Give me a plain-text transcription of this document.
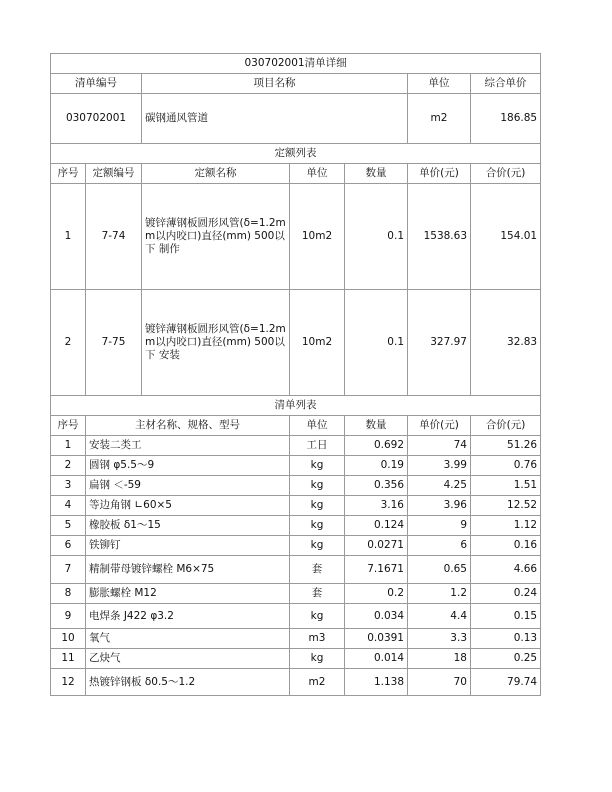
030702001清单详细						
清单编号		项目名称			单位	综合单价
030702001		碳钢通风管道			m2	186.85
定额列表						
序号	定额编号	定额名称	单位	数量	单价(元)	合价(元)
1	7-74	镀锌薄钢板圆形风管(δ=1.2mm以内咬口)直径(mm) 500以下 制作	10m2	0.1	1538.63	154.01
2	7-75	镀锌薄钢板圆形风管(δ=1.2mm以内咬口)直径(mm) 500以下 安装	10m2	0.1	327.97	32.83
清单列表						
序号	主材名称、规格、型号		单位	数量	单价(元)	合价(元)
1	安装二类工		工日	0.692	74	51.26
2	圆钢 φ5.5～9		kg	0.19	3.99	0.76
3	扁钢 ＜-59		kg	0.356	4.25	1.51
4	等边角钢 ∟60×5		kg	3.16	3.96	12.52
5	橡胶板 δ1～15		kg	0.124	9	1.12
6	铁铆钉		kg	0.0271	6	0.16
7	精制带母镀锌螺栓 M6×75		套	7.1671	0.65	4.66
8	膨胀螺栓 M12		套	0.2	1.2	0.24
9	电焊条 J422 φ3.2		kg	0.034	4.4	0.15
10	氧气		m3	0.0391	3.3	0.13
11	乙炔气		kg	0.014	18	0.25
12	热镀锌钢板 δ0.5～1.2		m2	1.138	70	79.74
